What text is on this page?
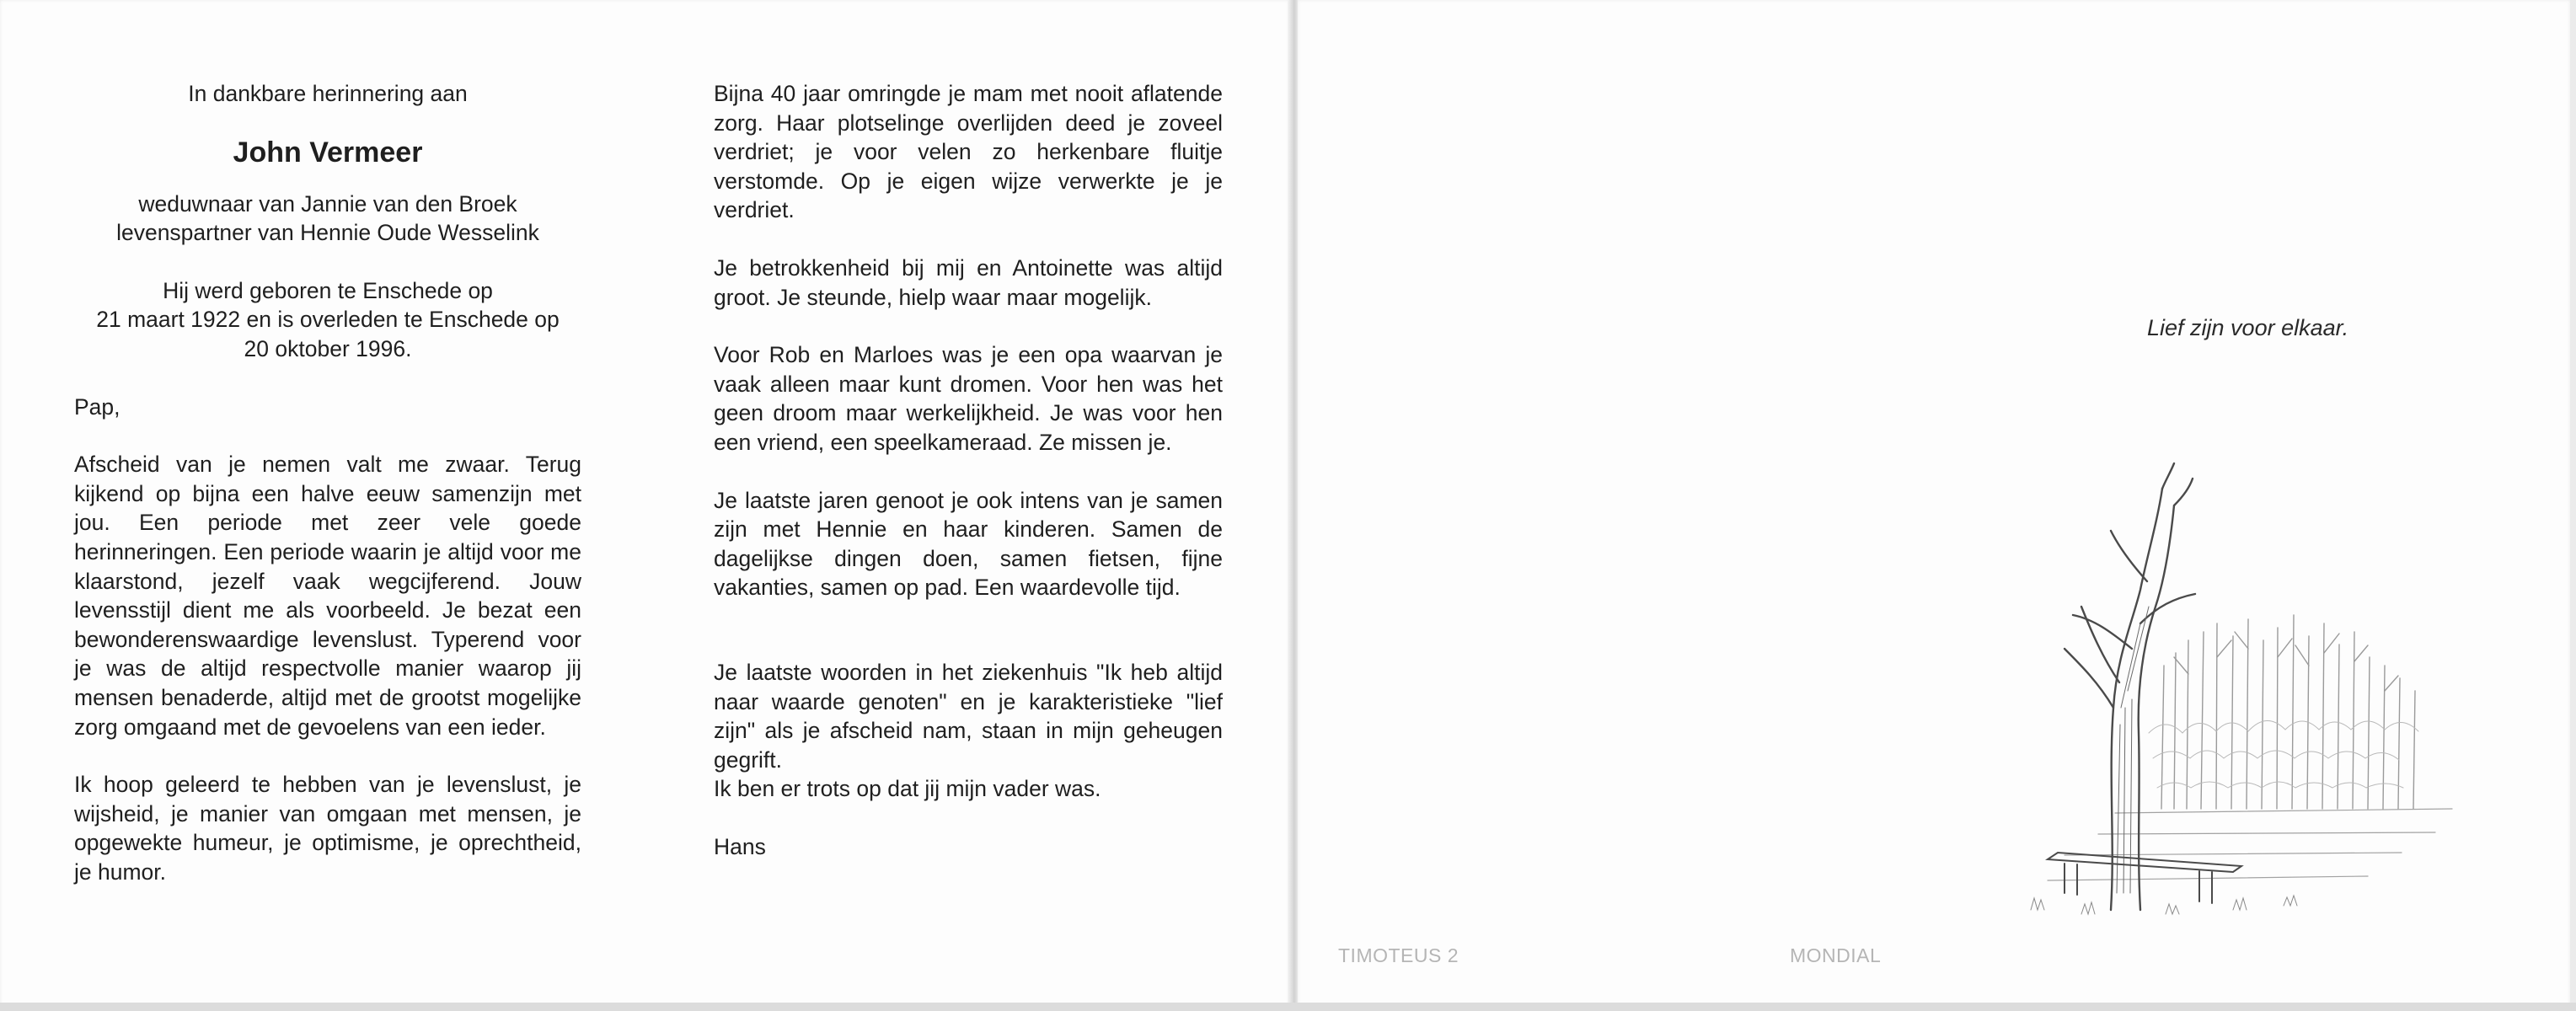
In dankbare herinnering aan

John Vermeer

weduwnaar van Jannie van den Broek

levenspartner van Hennie Oude Wesselink

Hij werd geboren te Enschede op

21 maart 1922 en is overleden te Enschede op

20 oktober 1996.

Pap,

Afscheid van je nemen valt me zwaar. Terug kijkend op bijna een halve eeuw samenzijn met jou. Een periode met zeer vele goede herinneringen. Een periode waarin je altijd voor me klaarstond, jezelf vaak wegcijferend. Jouw levensstijl dient me als voorbeeld. Je bezat een bewonderenswaardige levenslust. Typerend voor je was de altijd respectvolle manier waarop jij mensen benaderde, altijd met de grootst mogelijke zorg omgaand met de gevoelens van een ieder.

Ik hoop geleerd te hebben van je levenslust, je wijsheid, je manier van omgaan met mensen, je opgewekte humeur, je optimisme, je oprechtheid, je humor.

Bijna 40 jaar omringde je mam met nooit aflatende zorg. Haar plotselinge overlijden deed je zoveel verdriet; je voor velen zo herkenbare fluitje verstomde. Op je eigen wijze verwerkte je je verdriet.

Je betrokkenheid bij mij en Antoinette was altijd groot. Je steunde, hielp waar maar mogelijk.

Voor Rob en Marloes was je een opa waarvan je vaak alleen maar kunt dromen. Voor hen was het geen droom maar werkelijkheid. Je was voor hen een vriend, een speelkameraad. Ze missen je.

Je laatste jaren genoot je ook intens van je samen zijn met Hennie en haar kinderen. Samen de dagelijkse dingen doen, samen fietsen, fijne vakanties, samen op pad. Een waardevolle tijd.

Je laatste woorden in het ziekenhuis "Ik heb altijd naar waarde genoten" en je karakteristieke "lief zijn" als je afscheid nam, staan in mijn geheugen gegrift.

Ik ben er trots op dat jij mijn vader was.

Hans

Lief zijn voor elkaar.

TIMOTEUS 2	MONDIAL
